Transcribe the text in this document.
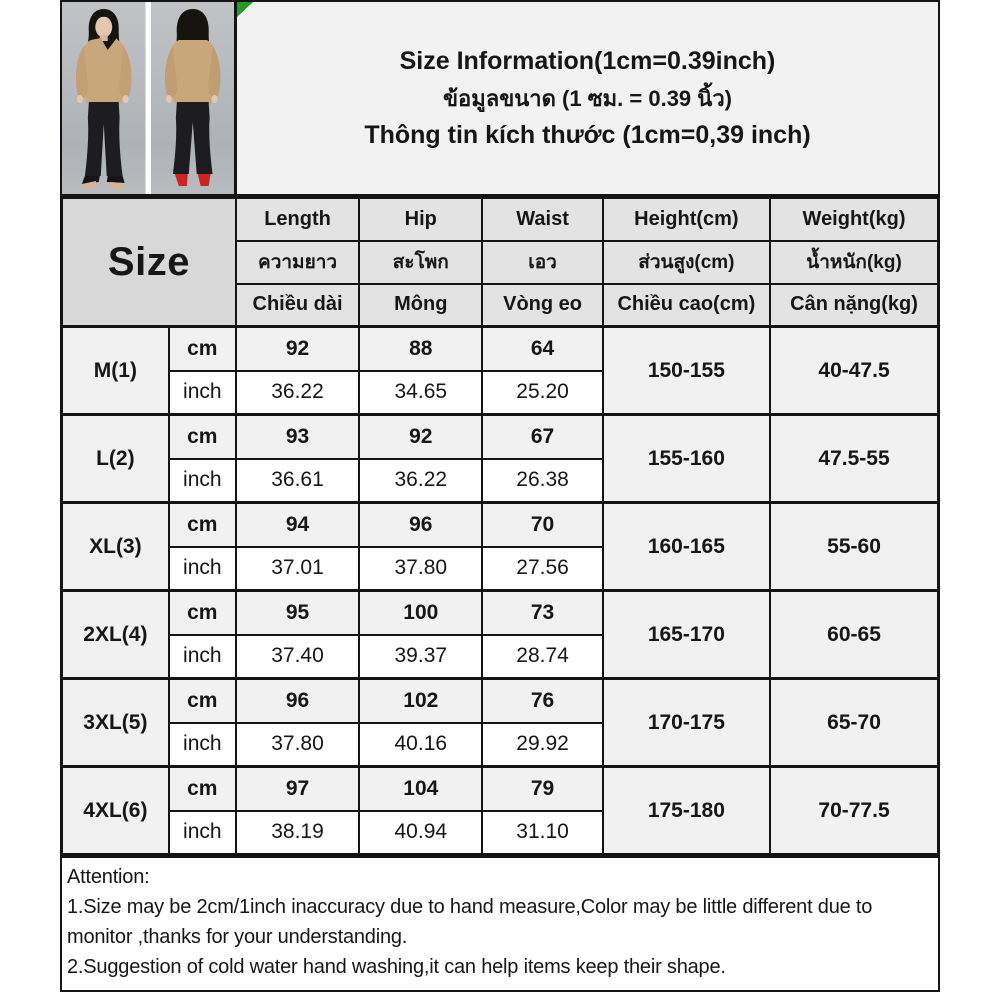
Size Information(1cm=0.39inch)
ข้อมูลขนาด (1 ซม. = 0.39 นิ้ว)
Thông tin kích thước (1cm=0,39 inch)
Size		Length	Hip	Waist	Height(cm)	Weight(kg)
		ความยาว	สะโพก	เอว	ส่วนสูง(cm)	น้ำหนัก(kg)
		Chiều dài	Mông	Vòng eo	Chiều cao(cm)	Cân nặng(kg)
M(1)	cm	92	88	64	150-155	40-47.5
	inch	36.22	34.65	25.20		
L(2)	cm	93	92	67	155-160	47.5-55
	inch	36.61	36.22	26.38		
XL(3)	cm	94	96	70	160-165	55-60
	inch	37.01	37.80	27.56		
2XL(4)	cm	95	100	73	165-170	60-65
	inch	37.40	39.37	28.74		
3XL(5)	cm	96	102	76	170-175	65-70
	inch	37.80	40.16	29.92		
4XL(6)	cm	97	104	79	175-180	70-77.5
	inch	38.19	40.94	31.10		

Attention:

1.Size may be 2cm/1inch inaccuracy due to hand measure,Color may be little different due to monitor ,thanks for your understanding.

2.Suggestion of cold water hand washing,it can help items keep their shape.
